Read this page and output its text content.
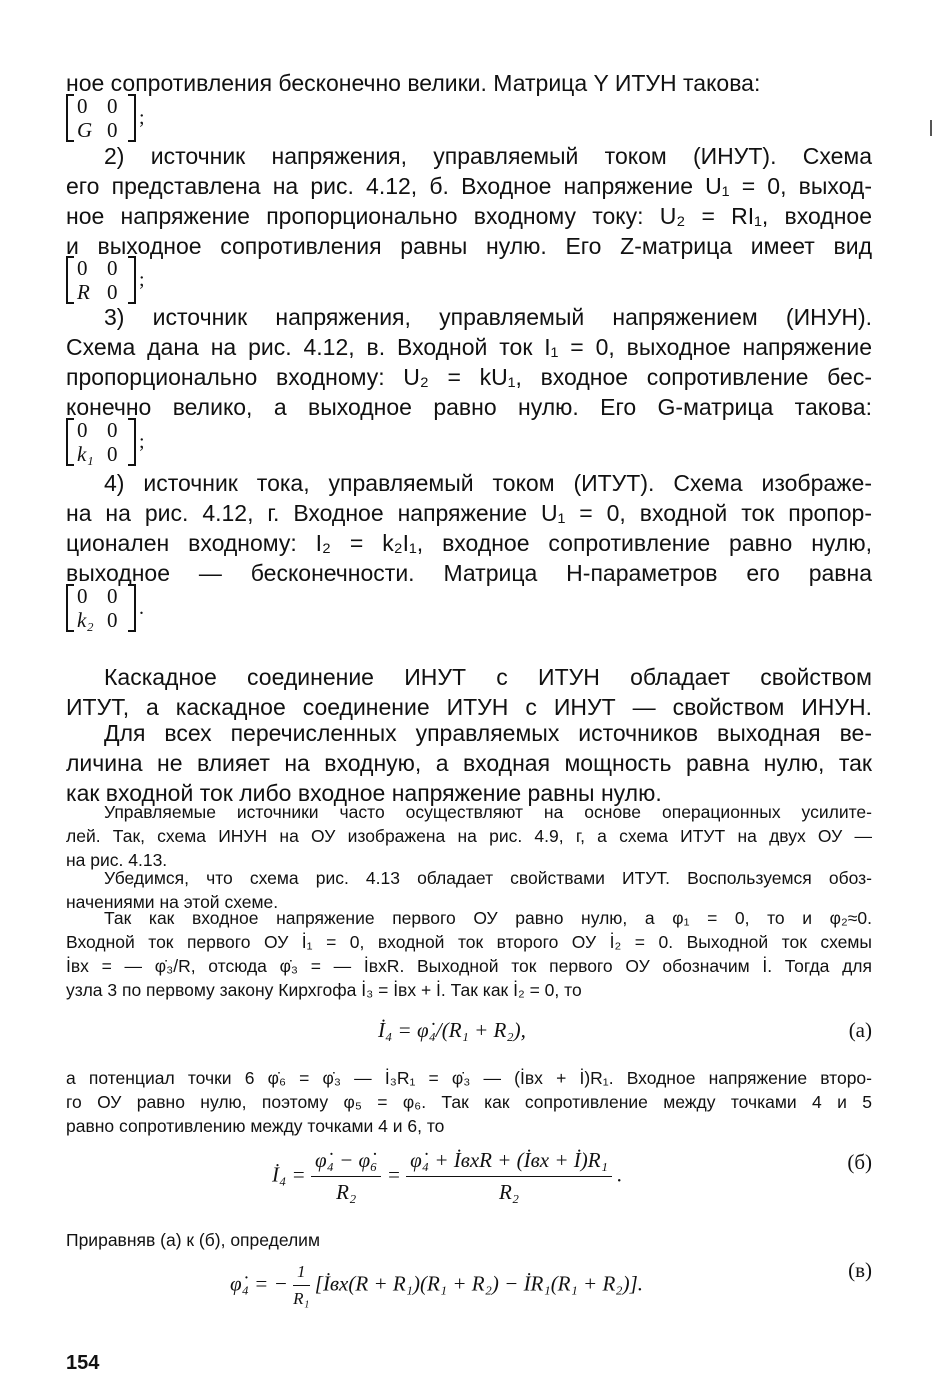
ное сопротивления бесконечно велики. Матрица Y ИТУН такова:
0 0
G 0	;
2) источник напряжения, управляемый током (ИНУТ). Схема
его представлена на рис. 4.12, б. Входное напряжение U₁ = 0, выход-
ное напряжение пропорционально входному току: U₂ = RI₁, входное
и выходное сопротивления равны нулю. Его Z-матрица имеет вид
0 0
R 0	;
3) источник напряжения, управляемый напряжением (ИНУН).
Схема дана на рис. 4.12, в. Входной ток I₁ = 0, выходное напряжение
пропорционально входному: U₂ = kU₁, входное сопротивление бес-
конечно велико, а выходное равно нулю. Его G-матрица такова:
0 0
k₁ 0	;
4) источник тока, управляемый током (ИТУТ). Схема изображе-
на на рис. 4.12, г. Входное напряжение U₁ = 0, входной ток пропор-
ционален входному: I₂ = k₂I₁, входное сопротивление равно нулю,
выходное — бесконечности. Матрица H-параметров его равна
0 0
k₂ 0	.
Каскадное соединение ИНУТ с ИТУН обладает свойством
ИТУТ, а каскадное соединение ИТУН с ИНУТ — свойством ИНУН.
Для всех перечисленных управляемых источников выходная ве-
личина не влияет на входную, а входная мощность равна нулю, так
как входной ток либо входное напряжение равны нулю.
Управляемые источники часто осуществляют на основе операционных усилите-
лей. Так, схема ИНУН на ОУ изображена на рис. 4.9, г, а схема ИТУТ на двух ОУ —
на рис. 4.13.
Убедимся, что схема рис. 4.13 обладает свойствами ИТУТ. Воспользуемся обоз-
начениями на этой схеме.
Так как входное напряжение первого ОУ равно нулю, а φ₁ = 0, то и φ₂≈0.
Входной ток первого ОУ İ₁ = 0, входной ток второго ОУ İ₂ = 0. Выходной ток схемы
İвх = — φ̇₃/R, отсюда φ̇₃ = — İвхR. Выходной ток первого ОУ обозначим İ. Тогда для
узла 3 по первому закону Кирхгофа İ₃ = İвх + İ. Так как İ₂ = 0, то
İ₄ = φ̇₄/(R₁ + R₂),	(а)
а потенциал точки 6 φ̇₆ = φ̇₃ — İ₃R₁ = φ̇₃ — (İвх + İ)R₁. Входное напряжение второ-
го ОУ равно нулю, поэтому φ₅ = φ₆. Так как сопротивление между точками 4 и 5
равно сопротивлению между точками 4 и 6, то
İ₄ = $\frac{\text{φ̇₄ − φ̇₆}}{\text{R₂}} = \frac{\text{φ̇₄ + İвхR + (İвх + İ)R₁}}{\text{R₂}}$ .
(б)
Приравняв (а) к (б), определим
φ̇₄ = − $\frac{1}{\text{R₁}}$ [İвх(R + R₁)(R₁ + R₂) − İR₁(R₁ + R₂)].
(в)
154
